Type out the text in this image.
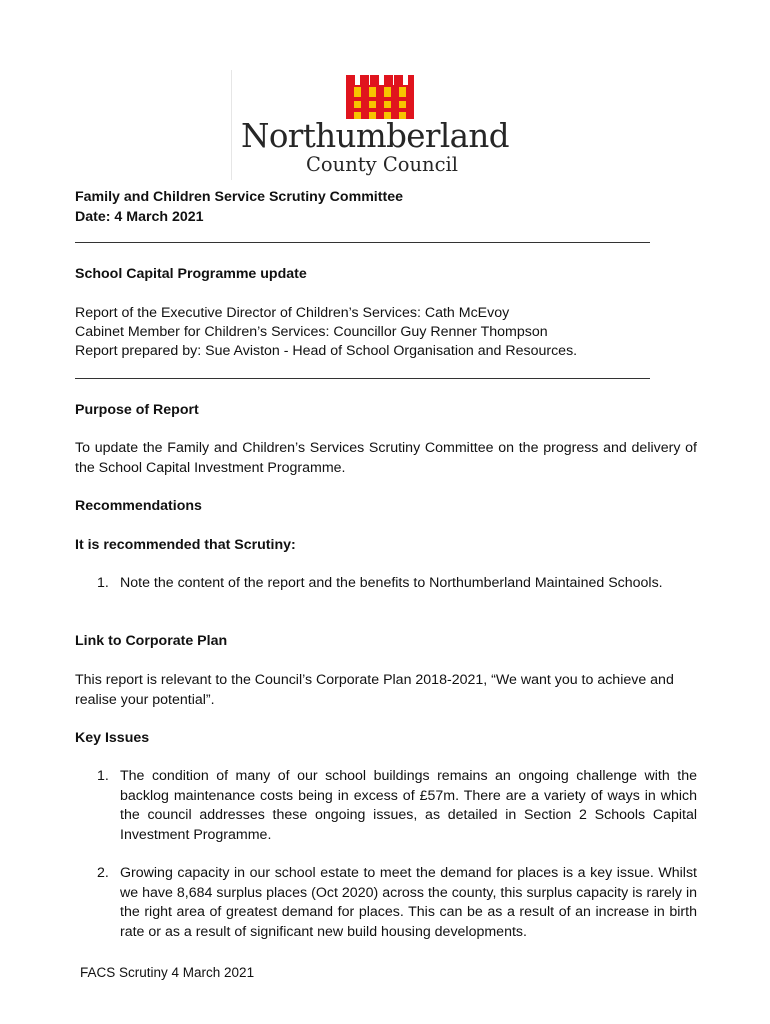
Northumberland
County Council
Family and Children Service Scrutiny Committee
Date: 4 March 2021
School Capital Programme update
Report of the Executive Director of Children’s Services: Cath McEvoy
Cabinet Member for Children’s Services: Councillor Guy Renner Thompson
Report prepared by: Sue Aviston - Head of School Organisation and Resources.
Purpose of Report
To update the Family and Children’s Services Scrutiny Committee on the progress and delivery of the School Capital Investment Programme.
Recommendations
It is recommended that Scrutiny:
1. Note the content of the report and the benefits to Northumberland Maintained Schools.
Link to Corporate Plan
This report is relevant to the Council’s Corporate Plan 2018-2021, “We want you to achieve and realise your potential”.
Key Issues
1. The condition of many of our school buildings remains an ongoing challenge with the backlog maintenance costs being in excess of £57m. There are a variety of ways in which the council addresses these ongoing issues, as detailed in Section 2 Schools Capital Investment Programme.
2. Growing capacity in our school estate to meet the demand for places is a key issue. Whilst we have 8,684 surplus places (Oct 2020) across the county, this surplus capacity is rarely in the right area of greatest demand for places. This can be as a result of an increase in birth rate or as a result of significant new build housing developments.
FACS Scrutiny 4 March 2021
